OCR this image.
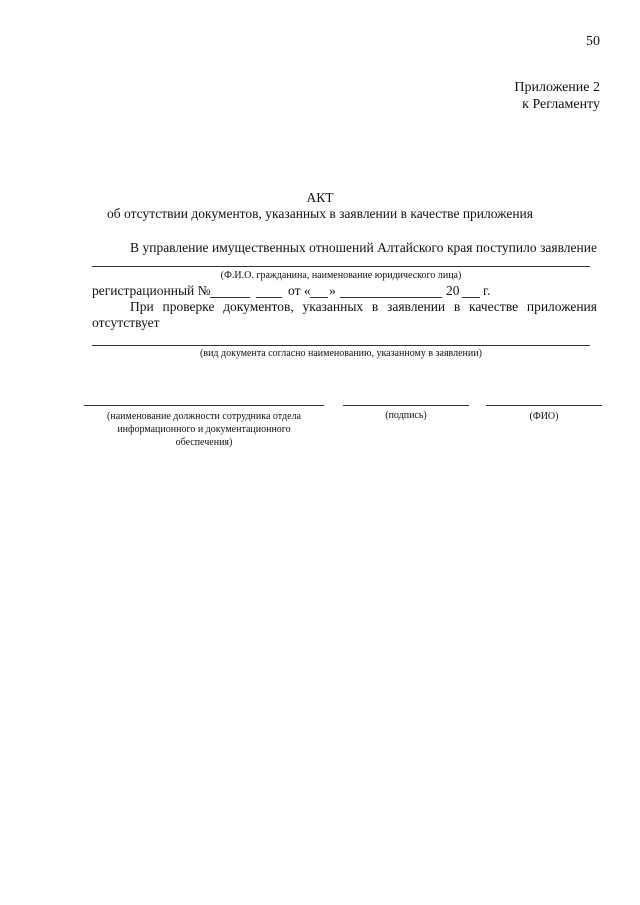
50
Приложение 2
к Регламенту
АКТ
об отсутствии документов, указанных в заявлении в качестве приложения
В управление имущественных отношений Алтайского края поступило заявление
(Ф.И.О. гражданина, наименование юридического лица)
регистрационный №	от « »	20 г.
При проверке документов, указанных в заявлении в качестве приложения
отсутствует
(вид документа согласно наименованию, указанному в заявлении)
(наименование должности сотрудника отдела
информационного и документационного
обеспечения)
(подпись)	(ФИО)
